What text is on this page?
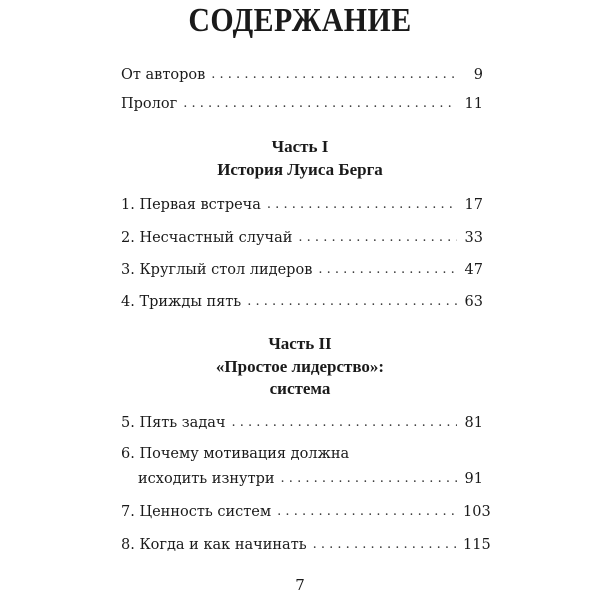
СОДЕРЖАНИЕ
От авторов . . .	9
Пролог . . .	11
Часть I
История Луиса Берга
1. Первая встреча . . .	17
2. Несчастный случай . . .	33
3. Круглый стол лидеров . . .	47
4. Трижды пять . . .	63
Часть II
«Простое лидерство»:
система
5. Пять задач . . .	81
6. Почему мотивация должна
исходить изнутри . . .	91
7. Ценность систем . . .	103
8. Когда и как начинать . . .	115
7
